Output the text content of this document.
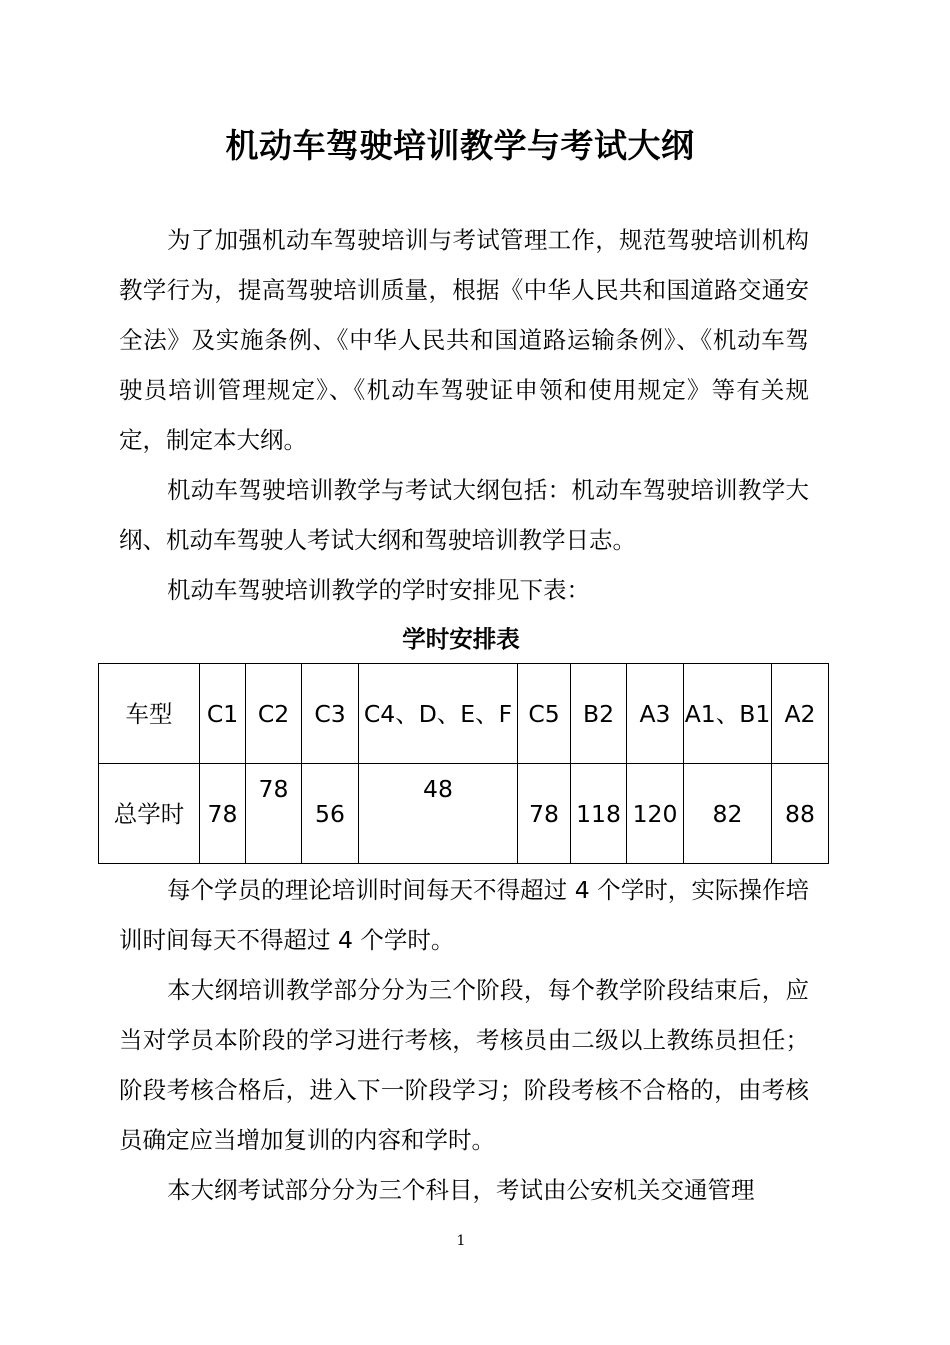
机动车驾驶培训教学与考试大纲

为了加强机动车驾驶培训与考试管理工作，规范驾驶培训机构教学行为，提高驾驶培训质量，根据《中华人民共和国道路交通安全法》及实施条例、《中华人民共和国道路运输条例》、《机动车驾驶员培训管理规定》、《机动车驾驶证申领和使用规定》等有关规定，制定本大纲。

机动车驾驶培训教学与考试大纲包括：机动车驾驶培训教学大纲、机动车驾驶人考试大纲和驾驶培训教学日志。

机动车驾驶培训教学的学时安排见下表：

学时安排表
车型	C1	C2	C3	C4、D、E、F	C5	B2	A3	A1、B1	A2
总学时	78	78	56	48	78	118	120	82	88

每个学员的理论培训时间每天不得超过 4 个学时，实际操作培训时间每天不得超过 4 个学时。

本大纲培训教学部分分为三个阶段，每个教学阶段结束后，应当对学员本阶段的学习进行考核，考核员由二级以上教练员担任；阶段考核合格后，进入下一阶段学习；阶段考核不合格的，由考核员确定应当增加复训的内容和学时。

本大纲考试部分分为三个科目，考试由公安机关交通管理

1
